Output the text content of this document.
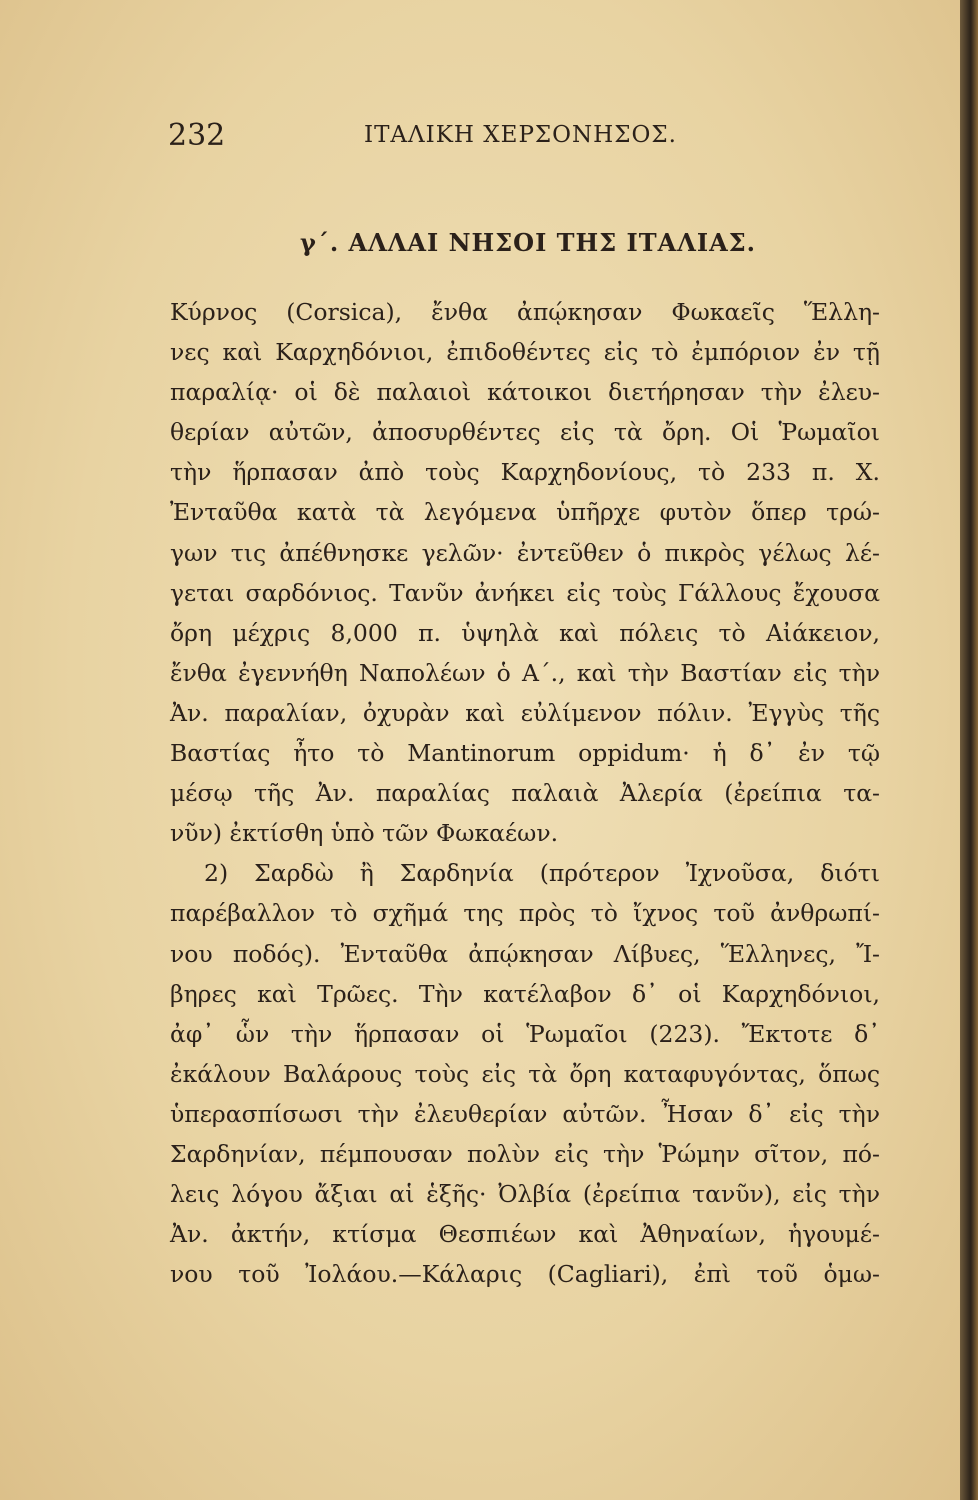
232	ΙΤΑΛΙΚΗ ΧΕΡΣΟΝΗΣΟΣ.
γ΄. ΑΛΛΑΙ ΝΗΣΟΙ ΤΗΣ ΙΤΑΛΙΑΣ.
Κύρνος (Corsica), ἔνθα ἀπῴκησαν Φωκαεῖς Ἕλλη-
νες καὶ Καρχηδόνιοι, ἐπιδοθέντες εἰς τὸ ἐμπόριον ἐν τῇ
παραλίᾳ· οἱ δὲ παλαιοὶ κάτοικοι διετήρησαν τὴν ἐλευ-
θερίαν αὐτῶν, ἀποσυρθέντες εἰς τὰ ὄρη. Οἱ Ῥωμαῖοι
τὴν ἥρπασαν ἀπὸ τοὺς Καρχηδονίους, τὸ 233 π. Χ.
Ἐνταῦθα κατὰ τὰ λεγόμενα ὑπῆρχε φυτὸν ὅπερ τρώ-
γων τις ἀπέθνησκε γελῶν· ἐντεῦθεν ὁ πικρὸς γέλως λέ-
γεται σαρδόνιος. Τανῦν ἀνήκει εἰς τοὺς Γάλλους ἔχουσα
ὄρη μέχρις 8,000 π. ὑψηλὰ καὶ πόλεις τὸ Αἰάκειον,
ἔνθα ἐγεννήθη Ναπολέων ὁ Α΄., καὶ τὴν Βαστίαν εἰς τὴν
Ἀν. παραλίαν, ὀχυρὰν καὶ εὐλίμενον πόλιν. Ἐγγὺς τῆς
Βαστίας ἦτο τὸ Mantinorum oppidum· ἡ δ᾽ ἐν τῷ
μέσῳ τῆς Ἀν. παραλίας παλαιὰ Ἀλερία (ἐρείπια τα-
νῦν) ἐκτίσθη ὑπὸ τῶν Φωκαέων.
2) Σαρδὼ ἢ Σαρδηνία (πρότερον Ἰχνοῦσα, διότι
παρέβαλλον τὸ σχῆμά της πρὸς τὸ ἴχνος τοῦ ἀνθρωπί-
νου ποδός). Ἐνταῦθα ἀπῴκησαν Λίβυες, Ἕλληνες, Ἴ-
βηρες καὶ Τρῶες. Τὴν κατέλαβον δ᾽ οἱ Καρχηδόνιοι,
ἀφ᾽ ὧν τὴν ἥρπασαν οἱ Ῥωμαῖοι (223). Ἔκτοτε δ᾽
ἐκάλουν Βαλάρους τοὺς εἰς τὰ ὄρη καταφυγόντας, ὅπως
ὑπερασπίσωσι τὴν ἐλευθερίαν αὐτῶν. Ἦσαν δ᾽ εἰς τὴν
Σαρδηνίαν, πέμπουσαν πολὺν εἰς τὴν Ῥώμην σῖτον, πό-
λεις λόγου ἄξιαι αἱ ἑξῆς· Ὀλβία (ἐρείπια τανῦν), εἰς τὴν
Ἀν. ἀκτήν, κτίσμα Θεσπιέων καὶ Ἀθηναίων, ἡγουμέ-
νου τοῦ Ἰολάου.—Κάλαρις (Cagliari), ἐπὶ τοῦ ὁμω-
